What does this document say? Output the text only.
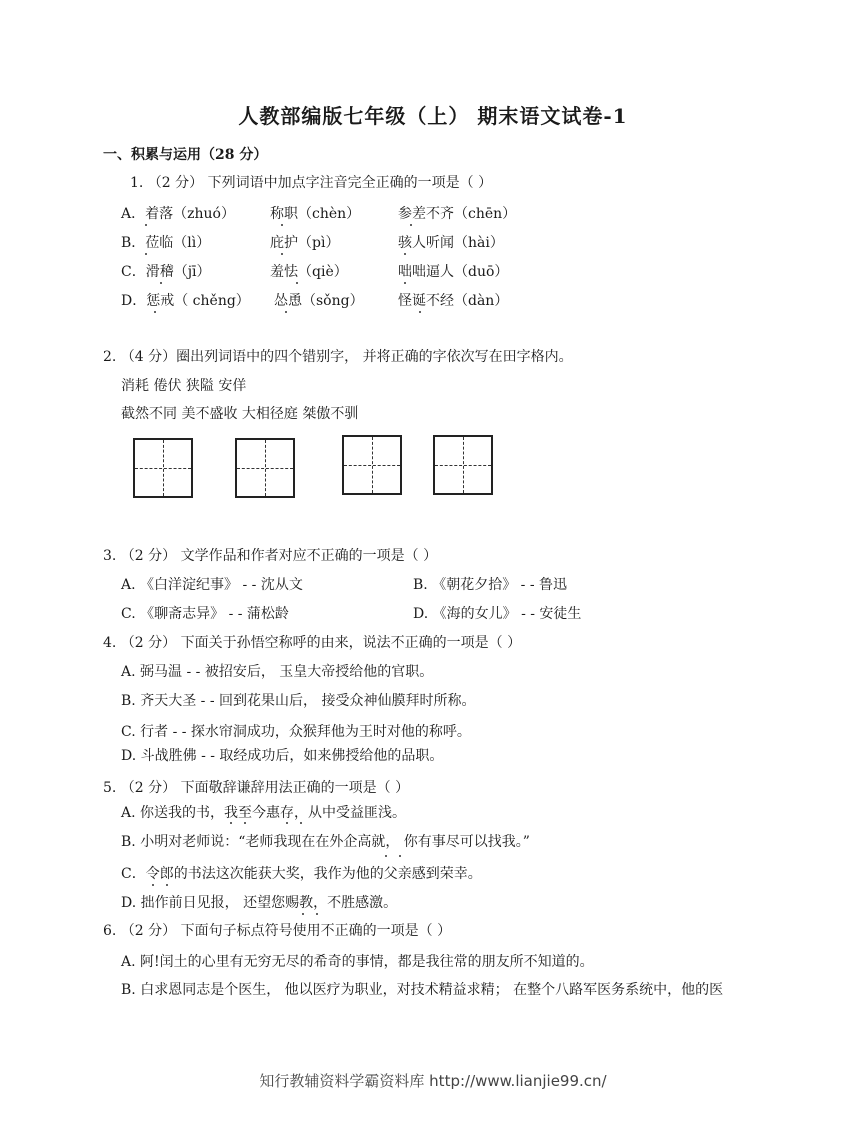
人教部编版七年级（上） 期末语文试卷-1
一、积累与运用（28 分）
1. （2 分） 下列词语中加点字注音完全正确的一项是（ ）
A．着落（zhuó）	称职（chèn）	参差不齐（chēn）
B．莅临（lì）	庇护（pì）	骇人听闻（hài）
C．滑稽（jī）	羞怯（qiè）	咄咄逼人（duō）
D．惩戒（ chěng） 怂恿（sǒng） 怪诞不经（dàn）
2. （4 分）圈出列词语中的四个错别字， 并将正确的字依次写在田字格内。
消耗 倦伏 狭隘 安佯
截然不同 美不盛收 大相径庭 桀傲不驯
3. （2 分） 文学作品和作者对应不正确的一项是（ ）
A. 《白洋淀纪事》 - - 沈从文	B. 《朝花夕拾》 - - 鲁迅
C. 《聊斋志异》 - - 蒲松龄	D. 《海的女儿》 - - 安徒生
4. （2 分） 下面关于孙悟空称呼的由来，说法不正确的一项是（ ）
A. 弼马温 - - 被招安后， 玉皇大帝授给他的官职。
B. 齐天大圣 - - 回到花果山后， 接受众神仙膜拜时所称。
C. 行者 - - 探水帘洞成功，众猴拜他为王时对他的称呼。
D. 斗战胜佛 - - 取经成功后，如来佛授给他的品职。
5. （2 分） 下面敬辞谦辞用法正确的一项是（ ）
A. 你送我的书，我至今惠存，从中受益匪浅。
B. 小明对老师说：“老师我现在在外企高就， 你有事尽可以找我。”
C．令郎的书法这次能获大奖，我作为他的父亲感到荣幸。
D. 拙作前日见报， 还望您赐教，不胜感激。
6. （2 分） 下面句子标点符号使用不正确的一项是（ ）
A. 阿!闰土的心里有无穷无尽的希奇的事情，都是我往常的朋友所不知道的。
B. 白求恩同志是个医生， 他以医疗为职业，对技术精益求精； 在整个八路军医务系统中，他的医
知行教辅资料学霸资料库 http://www.lianjie99.cn/
